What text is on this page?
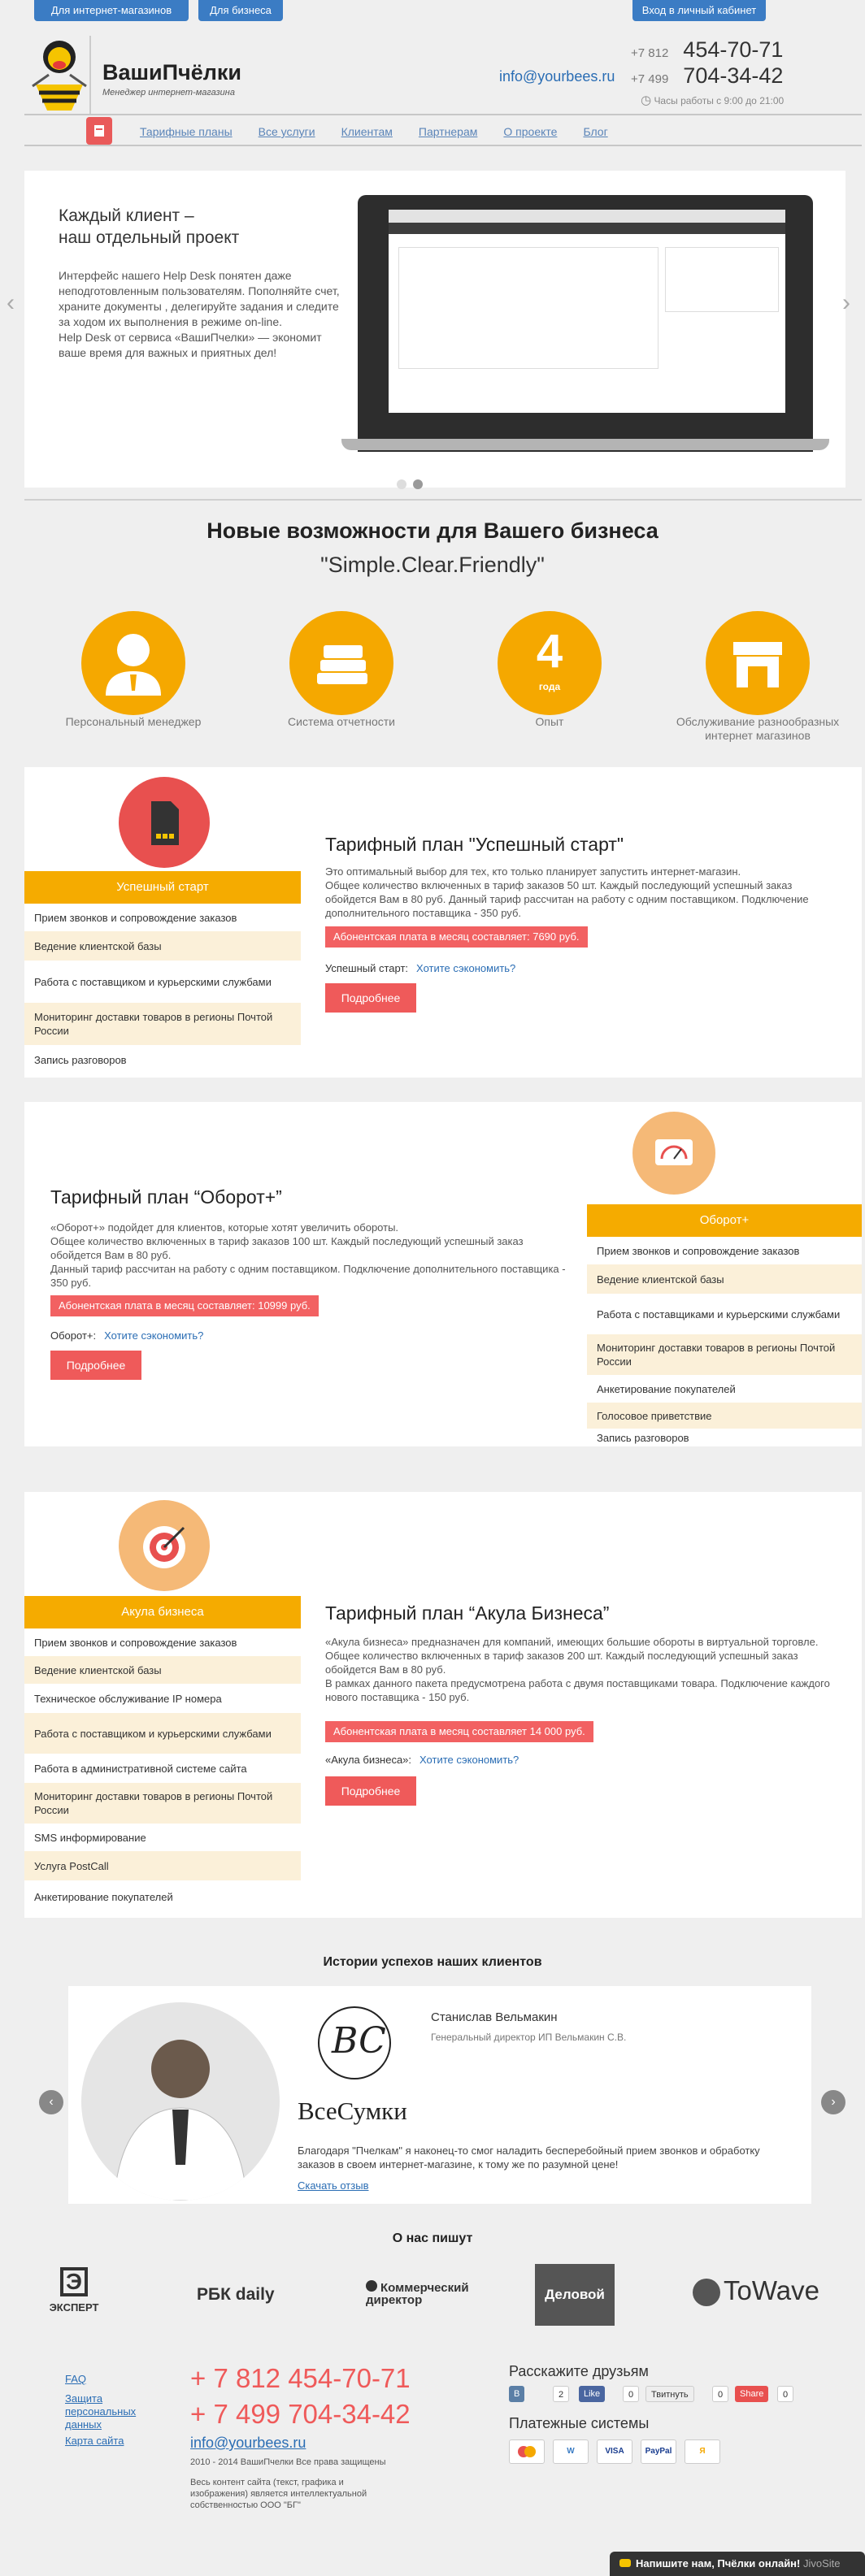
Для интернет-магазинов	Для бизнеса	Вход в личный кабинет
ВашиПчёлки
Менеджер интернет-магазина
+7 812 454-70-71
+7 499 704-34-42
info@yourbees.ru
◷ Часы работы с 9:00 до 21:00
Тарифные планы Все услуги Клиентам Партнерам О проекте Блог
‹	›
Каждый клиент –
наш отдельный проект
Интерфейс нашего Help Desk понятен даже неподготовленным пользователям. Пополняйте счет, храните документы , делегируйте задания и следите за ходом их выполнения в режиме on-line.
Help Desk от сервиса «ВашиПчелки» — экономит ваше время для важных и приятных дел!
Новые возможности для Вашего бизнеса
"Simple.Clear.Friendly"
Персональный менеджер	Система отчетности
4
года
Опыт	Обслуживание разнообразных интернет магазинов
Успешный старт
Прием звонков и сопровождение заказов
Ведение клиентской базы
Работа с поставщиком и курьерскими службами
Мониторинг доставки товаров в регионы Почтой России
Запись разговоров
Тарифный план "Успешный старт"
Это оптимальный выбор для тех, кто только планирует запустить интернет-магазин.
Общее количество включенных в тариф заказов 50 шт. Каждый последующий успешный заказ обойдется Вам в 80 руб. Данный тариф рассчитан на работу с одним поставщиком. Подключение дополнительного поставщика - 350 руб.
Абонентская плата в месяц составляет: 7690 руб.
Успешный старт: Хотите сэкономить?
Подробнее
Оборот+
Прием звонков и сопровождение заказов
Ведение клиентской базы
Работа с поставщиками и курьерскими службами
Мониторинг доставки товаров в регионы Почтой России
Анкетирование покупателей
Голосовое приветствие
Запись разговоров
Тарифный план “Оборот+”
«Оборот+» подойдет для клиентов, которые хотят увеличить обороты.
Общее количество включенных в тариф заказов 100 шт. Каждый последующий успешный заказ обойдется Вам в 80 руб.
Данный тариф рассчитан на работу с одним поставщиком. Подключение дополнительного поставщика - 350 руб.
Абонентская плата в месяц составляет: 10999 руб.
Оборот+: Хотите сэкономить?
Подробнее
Акула бизнеса
Прием звонков и сопровождение заказов
Ведение клиентской базы
Техническое обслуживание IP номера
Работа с поставщиком и курьерскими службами
Работа в административной системе сайта
Мониторинг доставки товаров в регионы Почтой России
SMS информирование
Услуга PostCall
Анкетирование покупателей
Тарифный план “Акула Бизнеса”
«Акула бизнеса» предназначен для компаний, имеющих большие обороты в виртуальной торговле.
Общее количество включенных в тариф заказов 200 шт. Каждый последующий успешный заказ обойдется Вам в 80 руб.
В рамках данного пакета предусмотрена работа с двумя поставщиками товара. Подключение каждого нового поставщика - 150 руб.
Абонентская плата в месяц составляет 14 000 руб.
«Акула бизнеса»: Хотите сэкономить?
Подробнее
Истории успехов наших клиентов
‹	›
BC
ВсеСумки
Станислав Вельмакин
Генеральный директор ИП Вельмакин С.В.
Благодаря "Пчелкам" я наконец-то смог наладить бесперебойный прием звонков и обработку заказов в своем интернет-магазине, к тому же по разумной цене!
Скачать отзыв
О нас пишут
Э
ЭКСПЕРТ
РБК daily	Коммерческий директор	Деловой	ToWave
FAQ
Защита персональных данных
Карта сайта
+ 7 812 454-70-71
+ 7 499 704-34-42
info@yourbees.ru
2010 - 2014 ВашиПчелки Все права защищены
Весь контент сайта (текст, графика и изображения) является интеллектуальной собственностью ООО "БГ"
Расскажите друзьям
B	2	Like	0	Твитнуть	0	Share	0
Платежные системы
W	VISA	PayPal	Я
Напишите нам, Пчёлки онлайн! JivoSite
